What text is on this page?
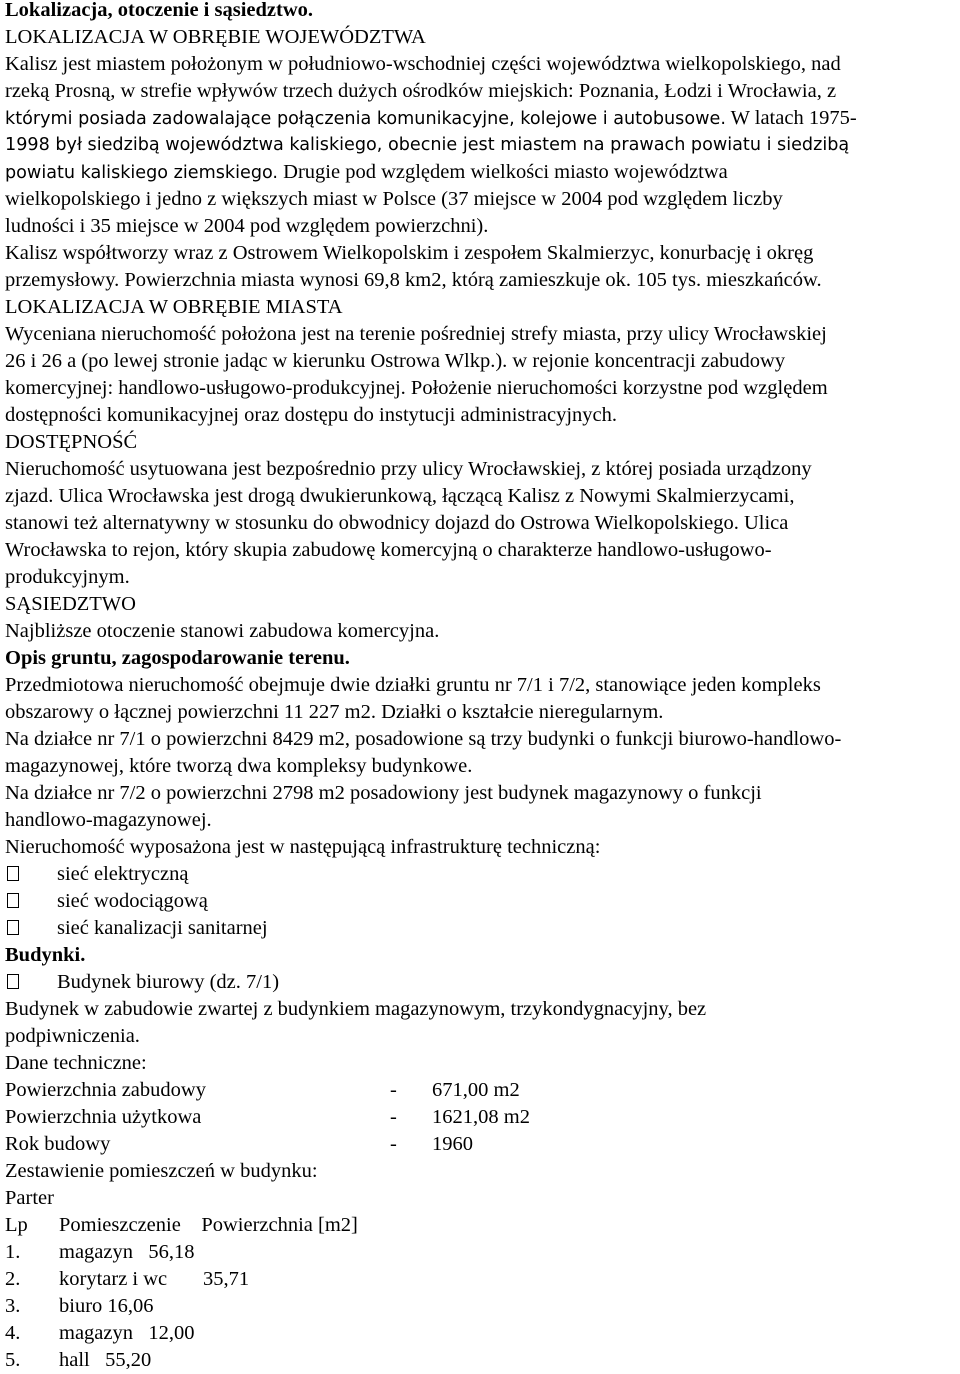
Lokalizacja, otoczenie i sąsiedztwo.
LOKALIZACJA W OBRĘBIE WOJEWÓDZTWA
Kalisz jest miastem położonym w południowo-wschodniej części województwa wielkopolskiego, nad
rzeką Prosną, w strefie wpływów trzech dużych ośrodków miejskich: Poznania, Łodzi i Wrocławia, z
którymi posiada zadowalające połączenia komunikacyjne, kolejowe i autobusowe. W latach 1975-
1998 był siedzibą województwa kaliskiego, obecnie jest miastem na prawach powiatu i siedzibą
powiatu kaliskiego ziemskiego. Drugie pod względem wielkości miasto województwa
wielkopolskiego i jedno z większych miast w Polsce (37 miejsce w 2004 pod względem liczby
ludności i 35 miejsce w 2004 pod względem powierzchni).
Kalisz współtworzy wraz z Ostrowem Wielkopolskim i zespołem Skalmierzyc, konurbację i okręg
przemysłowy. Powierzchnia miasta wynosi 69,8 km2, którą zamieszkuje ok. 105 tys. mieszkańców.
LOKALIZACJA W OBRĘBIE MIASTA
Wyceniana nieruchomość położona jest na terenie pośredniej strefy miasta, przy ulicy Wrocławskiej
26 i 26 a (po lewej stronie jadąc w kierunku Ostrowa Wlkp.). w rejonie koncentracji zabudowy
komercyjnej: handlowo-usługowo-produkcyjnej. Położenie nieruchomości korzystne pod względem
dostępności komunikacyjnej oraz dostępu do instytucji administracyjnych.
DOSTĘPNOŚĆ
Nieruchomość usytuowana jest bezpośrednio przy ulicy Wrocławskiej, z której posiada urządzony
zjazd. Ulica Wrocławska jest drogą dwukierunkową, łączącą Kalisz z Nowymi Skalmierzycami,
stanowi też alternatywny w stosunku do obwodnicy dojazd do Ostrowa Wielkopolskiego. Ulica
Wrocławska to rejon, który skupia zabudowę komercyjną o charakterze handlowo-usługowo-
produkcyjnym.
SĄSIEDZTWO
Najbliższe otoczenie stanowi zabudowa komercyjna.
Opis gruntu, zagospodarowanie terenu.
Przedmiotowa nieruchomość obejmuje dwie działki gruntu nr 7/1 i 7/2, stanowiące jeden kompleks
obszarowy o łącznej powierzchni 11 227 m2. Działki o kształcie nieregularnym.
Na działce nr 7/1 o powierzchni 8429 m2, posadowione są trzy budynki o funkcji biurowo-handlowo-
magazynowej, które tworzą dwa kompleksy budynkowe.
Na działce nr 7/2 o powierzchni 2798 m2 posadowiony jest budynek magazynowy o funkcji
handlowo-magazynowej.
Nieruchomość wyposażona jest w następującą infrastrukturę techniczną:
sieć elektryczną
sieć wodociągową
sieć kanalizacji sanitarnej
Budynki.
Budynek biurowy (dz. 7/1)
Budynek w zabudowie zwartej z budynkiem magazynowym, trzykondygnacyjny, bez
podpiwniczenia.
Dane techniczne:
Powierzchnia zabudowy	- 671,00 m2
Powierzchnia użytkowa	- 1621,08 m2
Rok budowy	- 1960
Zestawienie pomieszczeń w budynku:
Parter
Lp Pomieszczenie Powierzchnia [m2]
1. magazyn   56,18
2. korytarz i wc       35,71
3. biuro 16,06
4. magazyn   12,00
5. hall   55,20
